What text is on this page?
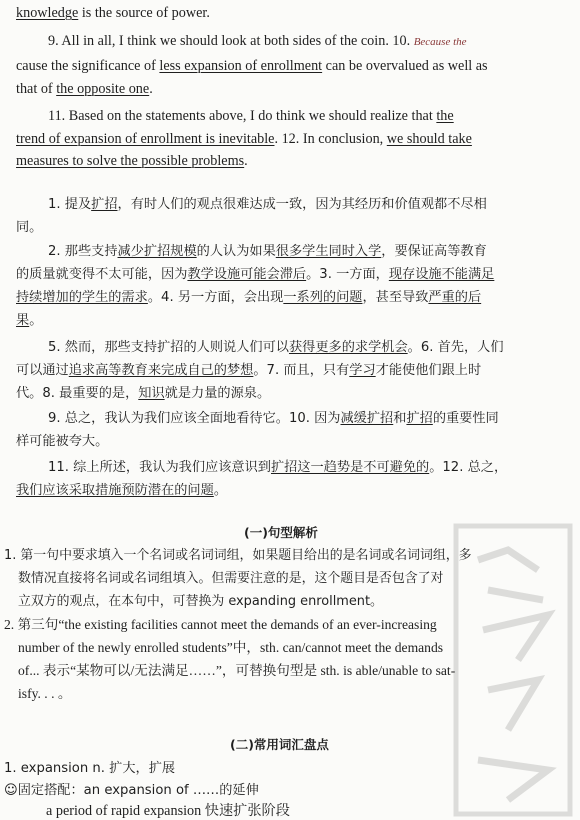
knowledge is the source of power.
9. All in all, I think we should look at both sides of the coin. 10. Because the
cause the significance of less expansion of enrollment can be overvalued as well as
that of the opposite one.
11. Based on the statements above, I do think we should realize that the
trend of expansion of enrollment is inevitable. 12. In conclusion, we should take
measures to solve the possible problems.
1. 提及扩招，有时人们的观点很难达成一致，因为其经历和价值观都不尽相
同。
2. 那些支持减少扩招规模的人认为如果很多学生同时入学，要保证高等教育
的质量就变得不太可能，因为教学设施可能会滞后。3. 一方面，现存设施不能满足
持续增加的学生的需求。4. 另一方面，会出现一系列的问题，甚至导致严重的后
果。
5. 然而，那些支持扩招的人则说人们可以获得更多的求学机会。6. 首先，人们
可以通过追求高等教育来完成自己的梦想。7. 而且，只有学习才能使他们跟上时
代。8. 最重要的是，知识就是力量的源泉。
9. 总之，我认为我们应该全面地看待它。10. 因为减缓扩招和扩招的重要性同
样可能被夸大。
11. 综上所述，我认为我们应该意识到扩招这一趋势是不可避免的。12. 总之，
我们应该采取措施预防潜在的问题。
(一)句型解析
1. 第一句中要求填入一个名词或名词词组，如果题目给出的是名词或名词词组，多
数情况直接将名词或名词组填入。但需要注意的是，这个题目是否包含了对
立双方的观点，在本句中，可替换为 expanding enrollment。
2. 第三句“the existing facilities cannot meet the demands of an ever-increasing
number of the newly enrolled students”中，sth. can/cannot meet the demands
of... 表示“某物可以/无法满足……”，可替换句型是 sth. is able/unable to sat-
isfy. . . 。
(二)常用词汇盘点
1. expansion n. 扩大，扩展
☺固定搭配：an expansion of ……的延伸
a period of rapid expansion 快速扩张阶段
